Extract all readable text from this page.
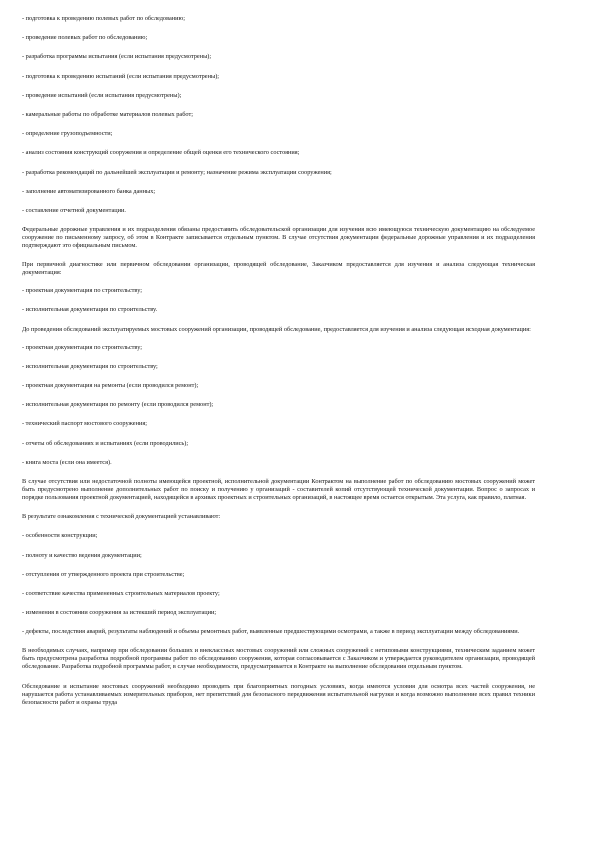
- подготовка к проведению полевых работ по обследованию;
- проведение полевых работ по обследованию;
- разработка программы испытания (если испытания предусмотрены);
- подготовка к проведению испытаний (если испытания предусмотрены);
- проведение испытаний (если испытания предусмотрены);
- камеральные работы по обработке материалов полевых работ;
- определение грузоподъемности;
- анализ состояния конструкций сооружения и определение общей оценки его технического состояния;
- разработка рекомендаций по дальнейшей эксплуатации и ремонту; назначение режима эксплуатации сооружения;
- заполнение автоматизированного банка данных;
- составление отчетной документации.

Федеральные дорожные управления и их подразделения обязаны предоставить обследовательской организации для изучения всю имеющуюся техническую документацию на обследуемое сооружение по письменному запросу, об этом в Контракте записывается отдельным пунктом. В случае отсутствия документации федеральные дорожные управления и их подразделения подтверждают это официальным письмом.

При первичной диагностике или первичном обследовании организации, проводящей обследование, Заказчиком предоставляется для изучения и анализа следующая техническая документация:

- проектная документация по строительству;
- исполнительная документация по строительству.

До проведения обследований эксплуатируемых мостовых сооружений организации, проводящей обследование, предоставляется для изучения и анализа следующая исходная документация:

- проектная документация по строительству;
- исполнительная документация по строительству;
- проектная документация на ремонты (если проводился ремонт);
- исполнительная документация по ремонту (если проводился ремонт);
- технический паспорт мостового сооружения;
- отчеты об обследованиях и испытаниях (если проводились);
- книга моста (если она имеется).

В случае отсутствия или недостаточной полноты имеющейся проектной, исполнительной документации Контрактом на выполнение работ по обследованию мостовых сооружений может быть предусмотрено выполнение дополнительных работ по поиску и получению у организаций - составителей копий отсутствующей технической документации. Вопрос о запросах и порядке пользования проектной документацией, находящейся в архивах проектных и строительных организаций, в настоящее время остается открытым. Эта услуга, как правило, платная.

В результате ознакомления с технической документацией устанавливают:

- особенности конструкции;
- полноту и качество ведения документации;
- отступления от утвержденного проекта при строительстве;
- соответствие качества примененных строительных материалов проекту;
- изменения в состоянии сооружения за истекший период эксплуатации;

- дефекты, последствия аварий, результаты наблюдений и объемы ремонтных работ, выявленные предшествующими осмотрами, а также в период эксплуатации между обследованиями.

В необходимых случаях, например при обследовании больших и внеклассных мостовых сооружений или сложных сооружений с нетиповыми конструкциями, техническим заданием может быть предусмотрена разработка подробной программы работ по обследованию сооружения, которая согласовывается с Заказчиком и утверждается руководителем организации, проводящей обследование. Разработка подробной программы работ, в случае необходимости, предусматривается в Контракте на выполнение обследования отдельным пунктом.

Обследование и испытание мостовых сооружений необходимо проводить при благоприятных погодных условиях, когда имеются условия для осмотра всех частей сооружения, не нарушается работа устанавливаемых измерительных приборов, нет препятствий для безопасного передвижения испытательной нагрузки и когда возможно выполнение всех правил техники безопасности работ и охраны труда
